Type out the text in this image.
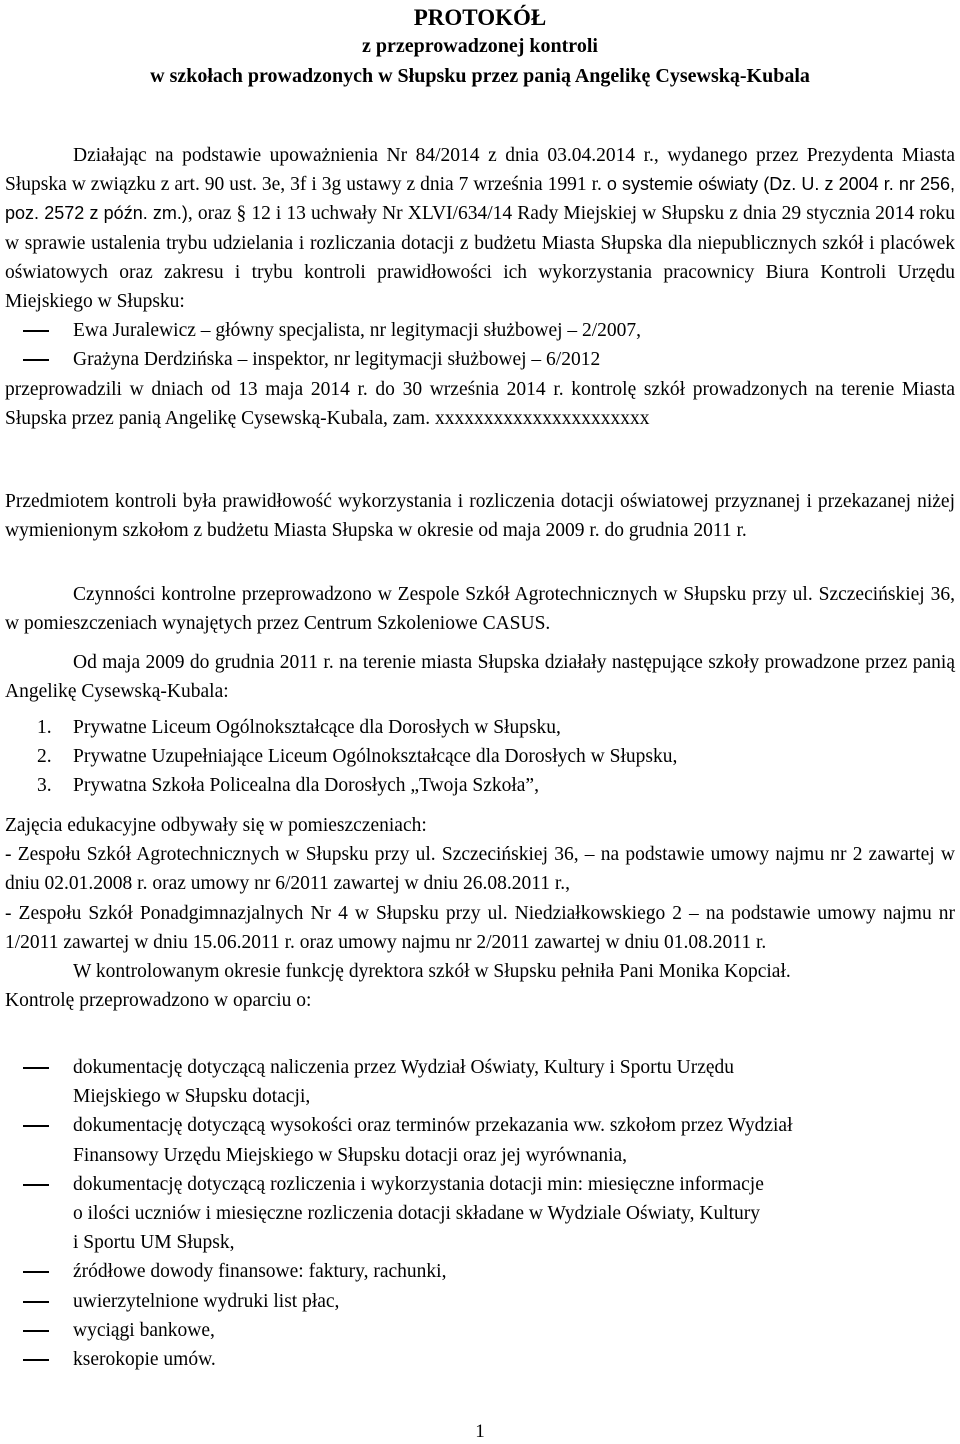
PROTOKÓŁ
z przeprowadzonej kontroli
w szkołach prowadzonych w Słupsku przez panią Angelikę Cysewską-Kubala
Działając na podstawie upoważnienia Nr 84/2014 z dnia 03.04.2014 r., wydanego przez Prezydenta Miasta Słupska w związku z art. 90 ust. 3e, 3f i 3g ustawy z dnia 7 września 1991 r. o systemie oświaty (Dz. U. z 2004 r. nr 256, poz. 2572 z późn. zm.), oraz § 12 i 13 uchwały Nr XLVI/634/14 Rady Miejskiej w Słupsku z dnia 29 stycznia 2014 roku w sprawie ustalenia trybu udzielania i rozliczania dotacji z budżetu Miasta Słupska dla niepublicznych szkół i placówek oświatowych oraz zakresu i trybu kontroli prawidłowości ich wykorzystania pracownicy Biura Kontroli Urzędu Miejskiego w Słupsku:
Ewa Juralewicz – główny specjalista, nr legitymacji służbowej – 2/2007,
Grażyna Derdzińska – inspektor, nr legitymacji służbowej – 6/2012
przeprowadzili w dniach od 13 maja 2014 r. do 30 września 2014 r. kontrolę szkół prowadzonych na terenie Miasta Słupska przez panią Angelikę Cysewską-Kubala, zam. xxxxxxxxxxxxxxxxxxxxxx
Przedmiotem kontroli była prawidłowość wykorzystania i rozliczenia dotacji oświatowej przyznanej i przekazanej niżej wymienionym szkołom z budżetu Miasta Słupska w okresie od maja 2009 r. do grudnia 2011 r.
Czynności kontrolne przeprowadzono w Zespole Szkół Agrotechnicznych w Słupsku przy ul. Szczecińskiej 36, w pomieszczeniach wynajętych przez Centrum Szkoleniowe CASUS.
Od maja 2009 do grudnia 2011 r. na terenie miasta Słupska działały następujące szkoły prowadzone przez panią Angelikę Cysewską-Kubala:
1. Prywatne Liceum Ogólnokształcące dla Dorosłych w Słupsku,
2. Prywatne Uzupełniające Liceum Ogólnokształcące dla Dorosłych w Słupsku,
3. Prywatna Szkoła Policealna dla Dorosłych „Twoja Szkoła”,
Zajęcia edukacyjne odbywały się w pomieszczeniach:
- Zespołu Szkół Agrotechnicznych w Słupsku przy ul. Szczecińskiej 36, – na podstawie umowy najmu nr 2 zawartej w dniu 02.01.2008 r. oraz umowy nr 6/2011 zawartej w dniu 26.08.2011 r.,
- Zespołu Szkół Ponadgimnazjalnych Nr 4 w Słupsku przy ul. Niedziałkowskiego 2 – na podstawie umowy najmu nr 1/2011 zawartej w dniu 15.06.2011 r. oraz umowy najmu nr 2/2011 zawartej w dniu 01.08.2011 r.
W kontrolowanym okresie funkcję dyrektora szkół w Słupsku pełniła Pani Monika Kopciał.
Kontrolę przeprowadzono w oparciu o:
dokumentację dotyczącą naliczenia przez Wydział Oświaty, Kultury i Sportu Urzędu
Miejskiego w Słupsku dotacji,
dokumentację dotyczącą wysokości oraz terminów przekazania ww. szkołom przez Wydział
Finansowy Urzędu Miejskiego w Słupsku dotacji oraz jej wyrównania,
dokumentację dotyczącą rozliczenia i wykorzystania dotacji min: miesięczne informacje
o ilości uczniów i miesięczne rozliczenia dotacji składane w Wydziale Oświaty, Kultury
i Sportu UM Słupsk,
źródłowe dowody finansowe: faktury, rachunki,
uwierzytelnione wydruki list płac,
wyciągi bankowe,
kserokopie umów.
1
